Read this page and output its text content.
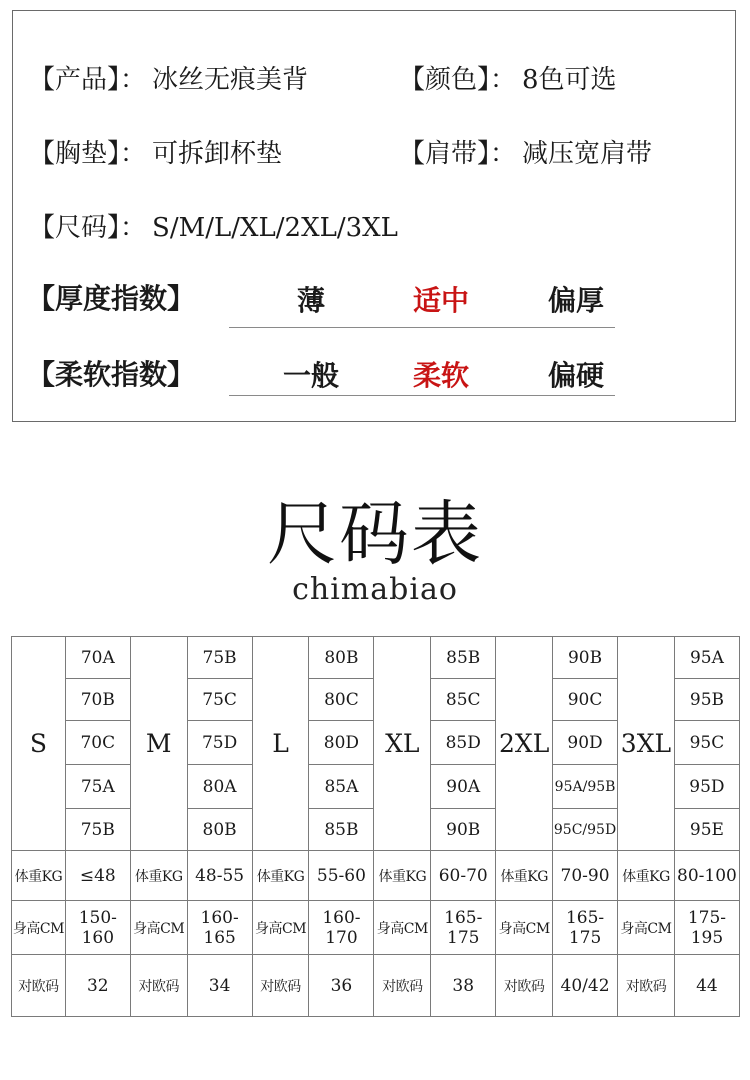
【产品】： 冰丝无痕美背	【颜色】： 8色可选
【胸垫】： 可拆卸杯垫	【肩带】： 减压宽肩带
【尺码】： S/M/L/XL/2XL/3XL
【厚度指数】	薄	适中	偏厚
【柔软指数】	一般	柔软	偏硬
尺码表
chimabiao
S	70A	M	75B	L	80B	XL	85B	2XL	90B	3XL	95A
	70B		75C		80C		85C		90C		95B
	70C		75D		80D		85D		90D		95C
	75A		80A		85A		90A		95A/95B		95D
	75B		80B		85B		90B		95C/95D		95E
体重KG	≤48	体重KG	48-55	体重KG	55-60	体重KG	60-70	体重KG	70-90	体重KG	80-100
身高CM	150-160	身高CM	160-165	身高CM	160-170	身高CM	165-175	身高CM	165-175	身高CM	175-195
对欧码	32	对欧码	34	对欧码	36	对欧码	38	对欧码	40/42	对欧码	44
